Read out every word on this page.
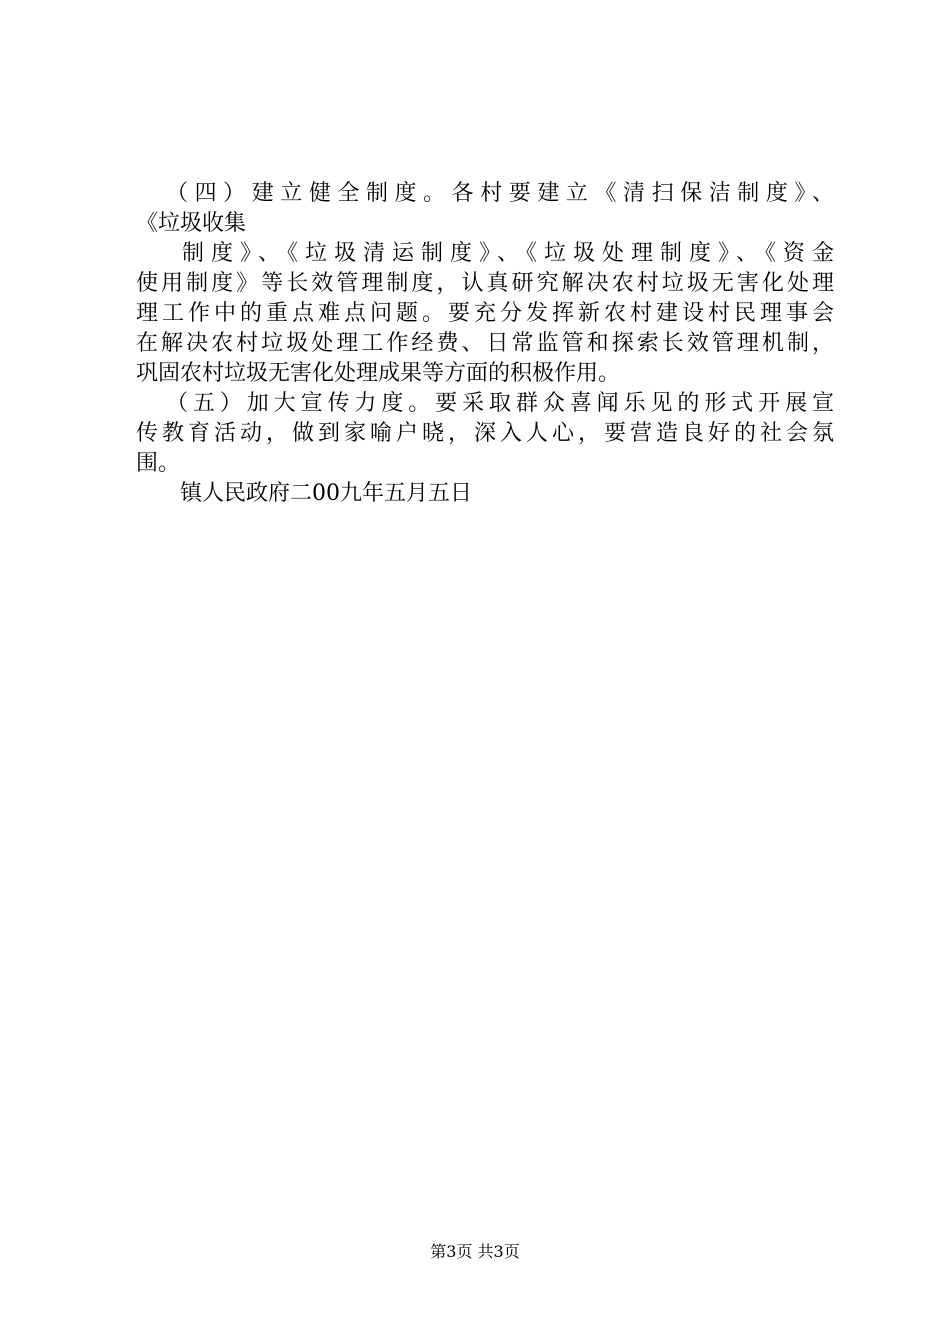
（四）建立健全制度。各村要建立《清扫保洁制度》、
《垃圾收集
制度》、《垃圾清运制度》、《垃圾处理制度》、《资金
使用制度》等长效管理制度，认真研究解决农村垃圾无害化处理
理工作中的重点难点问题。要充分发挥新农村建设村民理事会
在解决农村垃圾处理工作经费、日常监管和探索长效管理机制，
巩固农村垃圾无害化处理成果等方面的积极作用。
（五）加大宣传力度。要采取群众喜闻乐见的形式开展宣
传教育活动，做到家喻户晓，深入人心，要营造良好的社会氛
围。
镇人民政府二00九年五月五日
第3页 共3页
